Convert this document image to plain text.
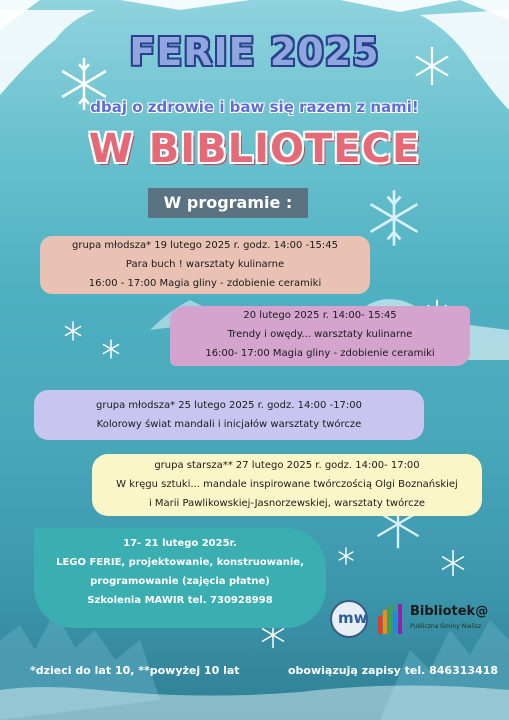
FERIE 2025
dbaj o zdrowie i baw się razem z nami!
W BIBLIOTECE
W programie :
grupa młodsza* 19 lutego 2025 r. godz. 14:00 -15:45
Para buch ! warsztaty kulinarne
16:00 - 17:00 Magia gliny - zdobienie ceramiki
20 lutego 2025 r. 14:00- 15:45
Trendy i owędy... warsztaty kulinarne
16:00- 17:00 Magia gliny - zdobienie ceramiki
grupa młodsza* 25 lutego 2025 r. godz. 14:00 -17:00
Kolorowy świat mandali i inicjałów warsztaty twórcze
grupa starsza** 27 lutego 2025 r. godz. 14:00- 17:00
W kręgu sztuki... mandale inspirowane twórczością Olgi Boznańskiej
i Marii Pawlikowskiej-Jasnorzewskiej, warsztaty twórcze
17- 21 lutego 2025r.
LEGO FERIE, projektowanie, konstruowanie,
programowanie (zajęcia płatne)
Szkolenia MAWIR tel. 730928998
mw	Bibliotek@
Publiczna Gminy Nielisz
*dzieci do lat 10, **powyżej 10 lat	obowiązują zapisy tel. 846313418
